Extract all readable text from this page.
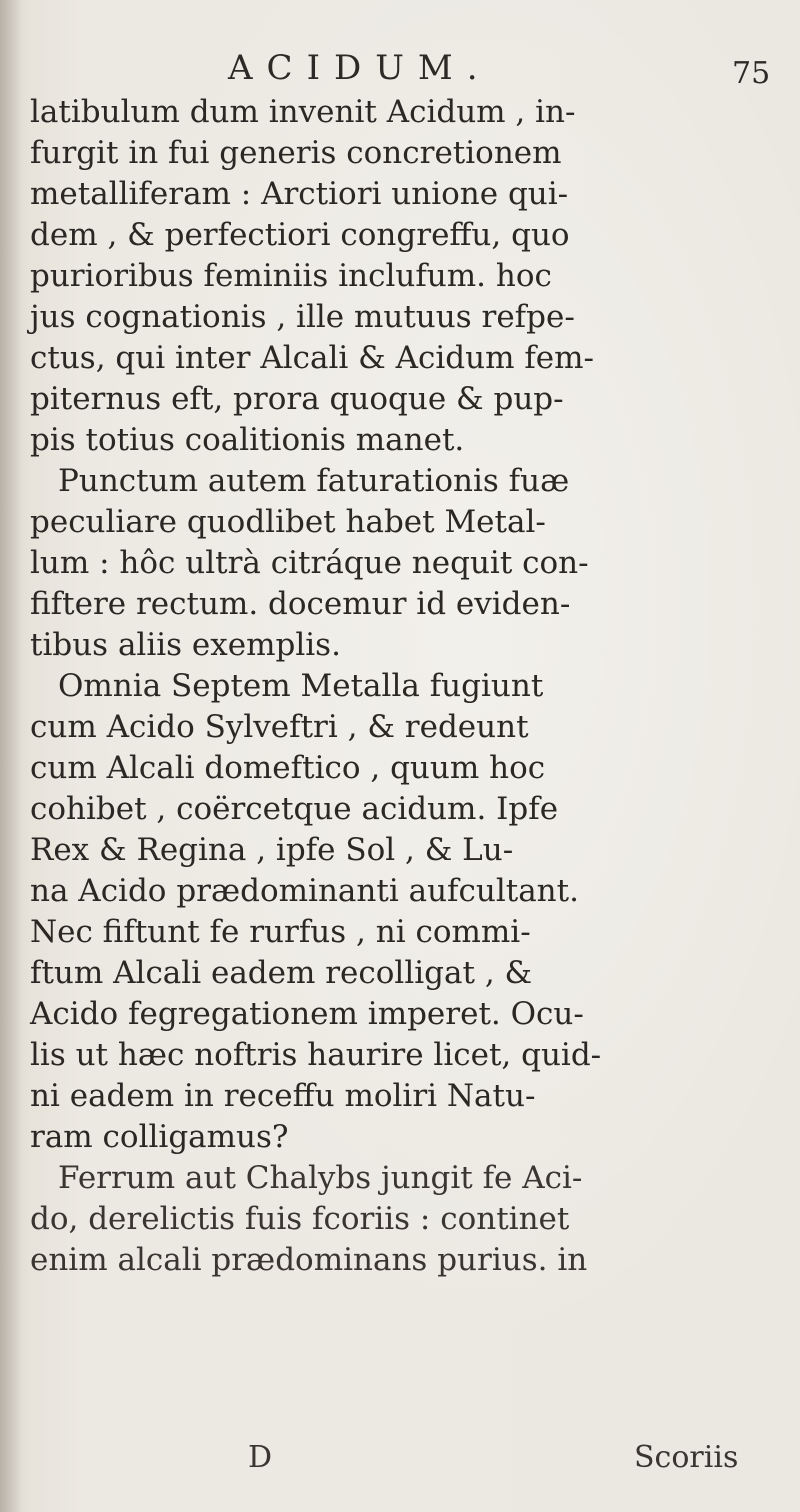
ACIDUM.	75
latibulum dum invenit Acidum , in-
furgit in fui generis concretionem
metalliferam : Arctiori unione qui-
dem , & perfectiori congreffu, quo
purioribus feminiis inclufum. hoc
jus cognationis , ille mutuus refpe-
ctus, qui inter Alcali & Acidum fem-
piternus eft, prora quoque & pup-
pis totius coalitionis manet.
Punctum autem faturationis fuæ
peculiare quodlibet habet Metal-
lum : hôc ultrà citráque nequit con-
fiftere rectum. docemur id eviden-
tibus aliis exemplis.
Omnia Septem Metalla fugiunt
cum Acido Sylveftri , & redeunt
cum Alcali domeftico , quum hoc
cohibet , coërcetque acidum. Ipfe
Rex & Regina , ipfe Sol , & Lu-
na Acido prædominanti aufcultant.
Nec fiftunt fe rurfus , ni commi-
ftum Alcali eadem recolligat , &
Acido fegregationem imperet. Ocu-
lis ut hæc noftris haurire licet, quid-
ni eadem in receffu moliri Natu-
ram colligamus?
Ferrum aut Chalybs jungit fe Aci-
do, derelictis fuis fcoriis : continet
enim alcali prædominans purius. in
D	Scoriis
